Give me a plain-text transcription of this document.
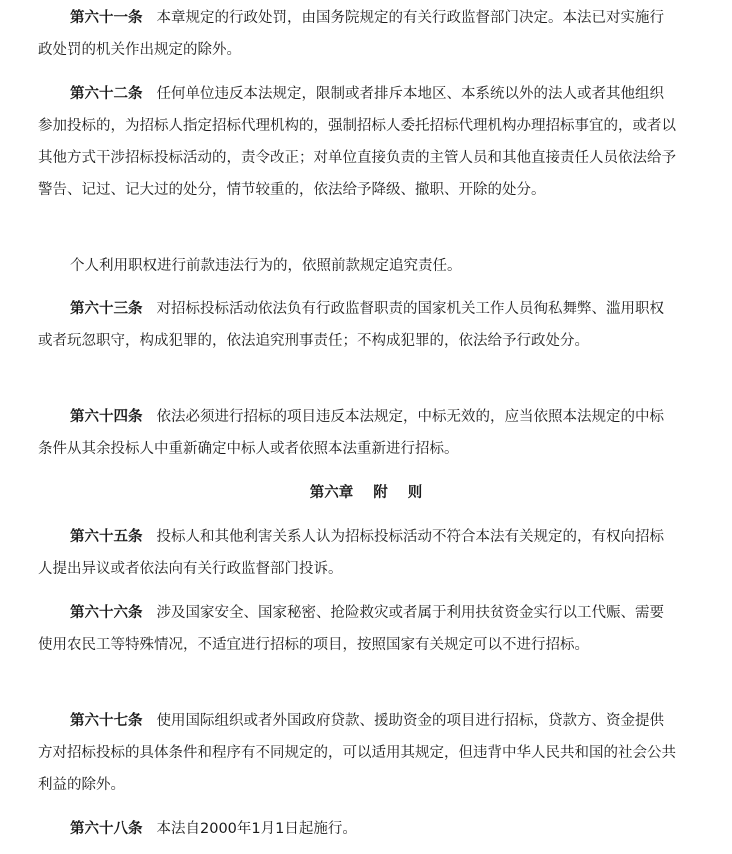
第六十一条 本章规定的行政处罚，由国务院规定的有关行政监督部门决定。本法已对实施行政处罚的机关作出规定的除外。

第六十二条 任何单位违反本法规定，限制或者排斥本地区、本系统以外的法人或者其他组织参加投标的，为招标人指定招标代理机构的，强制招标人委托招标代理机构办理招标事宜的，或者以其他方式干涉招标投标活动的，责令改正；对单位直接负责的主管人员和其他直接责任人员依法给予警告、记过、记大过的处分，情节较重的，依法给予降级、撤职、开除的处分。

个人利用职权进行前款违法行为的，依照前款规定追究责任。

第六十三条 对招标投标活动依法负有行政监督职责的国家机关工作人员徇私舞弊、滥用职权或者玩忽职守，构成犯罪的，依法追究刑事责任；不构成犯罪的，依法给予行政处分。

第六十四条 依法必须进行招标的项目违反本法规定，中标无效的，应当依照本法规定的中标条件从其余投标人中重新确定中标人或者依照本法重新进行招标。

第六章 附 则

第六十五条 投标人和其他利害关系人认为招标投标活动不符合本法有关规定的，有权向招标人提出异议或者依法向有关行政监督部门投诉。

第六十六条 涉及国家安全、国家秘密、抢险救灾或者属于利用扶贫资金实行以工代赈、需要使用农民工等特殊情况，不适宜进行招标的项目，按照国家有关规定可以不进行招标。

第六十七条 使用国际组织或者外国政府贷款、援助资金的项目进行招标，贷款方、资金提供方对招标投标的具体条件和程序有不同规定的，可以适用其规定，但违背中华人民共和国的社会公共利益的除外。

第六十八条 本法自2000年1月1日起施行。
